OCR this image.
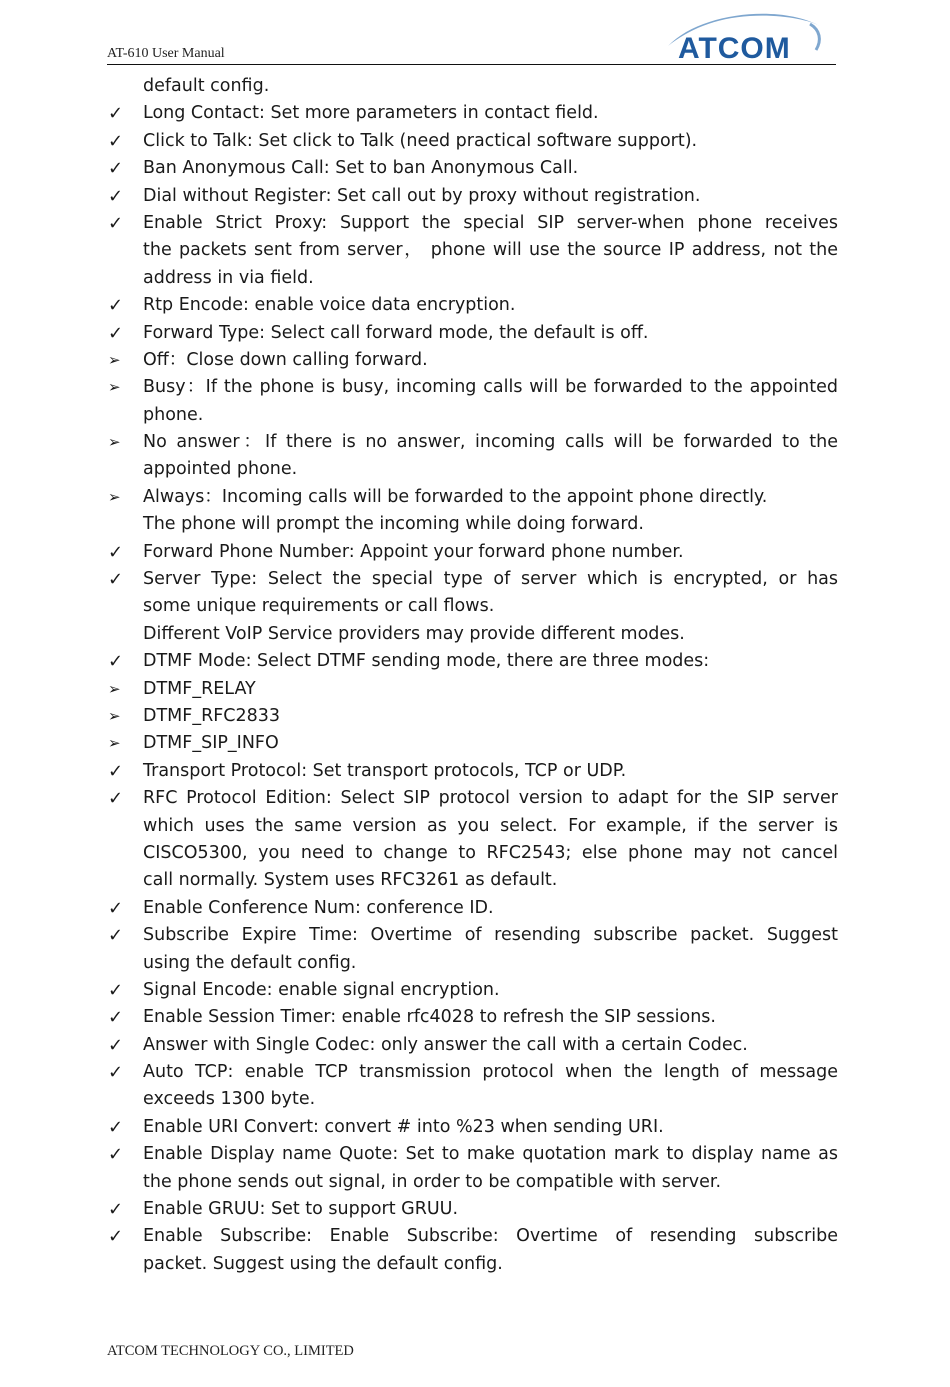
AT-610 User Manual	ATCOM
default config.
✓	Long Contact: Set more parameters in contact field.
✓	Click to Talk: Set click to Talk (need practical software support).
✓	Ban Anonymous Call: Set to ban Anonymous Call.
✓	Dial without Register: Set call out by proxy without registration.
✓	Enable Strict Proxy: Support the special SIP server-when phone receives
the packets sent from server， phone will use the source IP address, not the
address in via field.
✓	Rtp Encode: enable voice data encryption.
✓	Forward Type: Select call forward mode, the default is off.
➢	Off：Close down calling forward.
➢	Busy：If the phone is busy, incoming calls will be forwarded to the appointed
phone.
➢	No answer：If there is no answer, incoming calls will be forwarded to the
appointed phone.
➢	Always：Incoming calls will be forwarded to the appoint phone directly.
The phone will prompt the incoming while doing forward.
✓	Forward Phone Number: Appoint your forward phone number.
✓	Server Type: Select the special type of server which is encrypted, or has
some unique requirements or call flows.
Different VoIP Service providers may provide different modes.
✓	DTMF Mode: Select DTMF sending mode, there are three modes:
➢	DTMF_RELAY
➢	DTMF_RFC2833
➢	DTMF_SIP_INFO
✓	Transport Protocol: Set transport protocols, TCP or UDP.
✓	RFC Protocol Edition: Select SIP protocol version to adapt for the SIP server
which uses the same version as you select. For example, if the server is
CISCO5300, you need to change to RFC2543; else phone may not cancel
call normally. System uses RFC3261 as default.
✓	Enable Conference Num: conference ID.
✓	Subscribe Expire Time: Overtime of resending subscribe packet. Suggest
using the default config.
✓	Signal Encode: enable signal encryption.
✓	Enable Session Timer: enable rfc4028 to refresh the SIP sessions.
✓	Answer with Single Codec: only answer the call with a certain Codec.
✓	Auto TCP: enable TCP transmission protocol when the length of message
exceeds 1300 byte.
✓	Enable URI Convert: convert # into %23 when sending URI.
✓	Enable Display name Quote: Set to make quotation mark to display name as
the phone sends out signal, in order to be compatible with server.
✓	Enable GRUU: Set to support GRUU.
✓	Enable Subscribe: Enable Subscribe: Overtime of resending subscribe
packet. Suggest using the default config.
ATCOM TECHNOLOGY CO., LIMITED
